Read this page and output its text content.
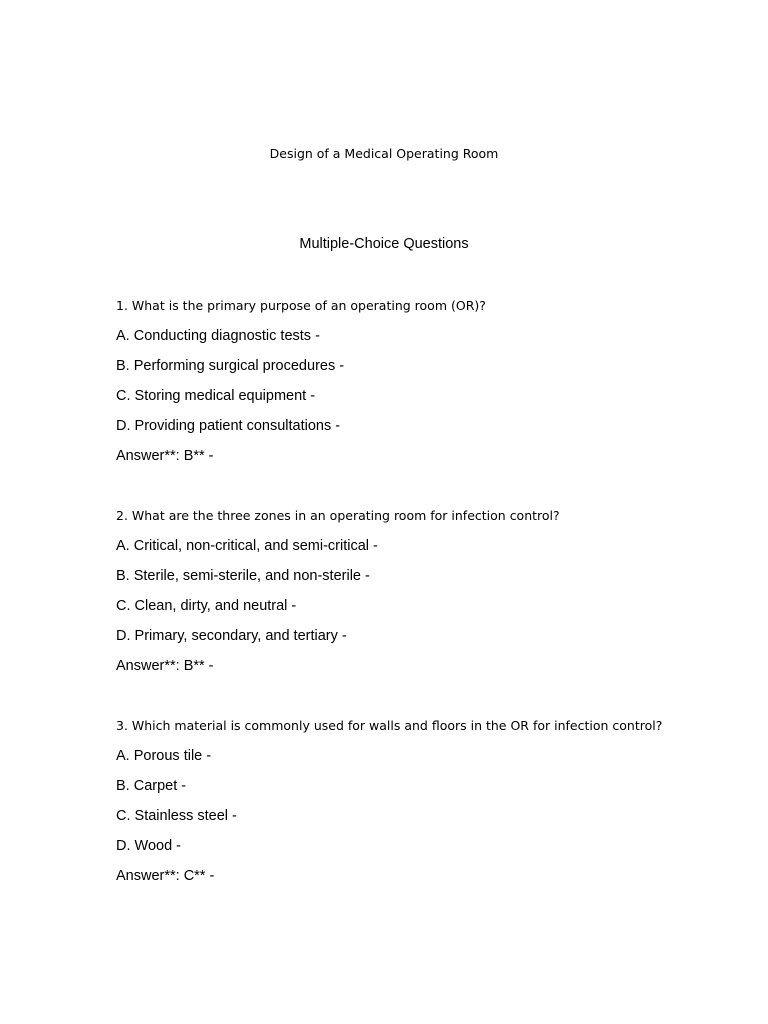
Design of a Medical Operating Room
Multiple-Choice Questions
1. What is the primary purpose of an operating room (OR)?
A. Conducting diagnostic tests -
B. Performing surgical procedures -
C. Storing medical equipment -
D. Providing patient consultations -
Answer**: B** -
2. What are the three zones in an operating room for infection control?
A. Critical, non-critical, and semi-critical -
B. Sterile, semi-sterile, and non-sterile -
C. Clean, dirty, and neutral -
D. Primary, secondary, and tertiary -
Answer**: B** -
3. Which material is commonly used for walls and floors in the OR for infection control?
A. Porous tile -
B. Carpet -
C. Stainless steel -
D. Wood -
Answer**: C** -
